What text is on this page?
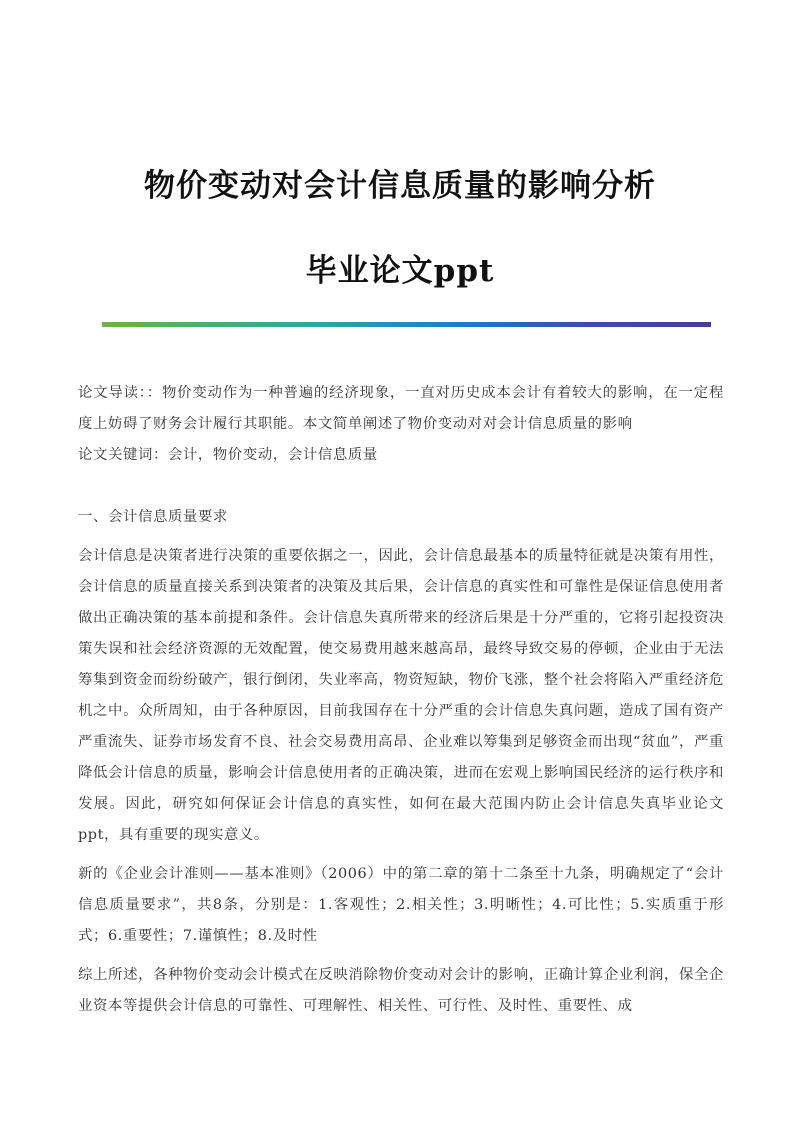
物价变动对会计信息质量的影响分析
毕业论文ppt

论文导读：：物价变动作为一种普遍的经济现象，一直对历史成本会计有着较大的影响，在一定程度上妨碍了财务会计履行其职能。本文简单阐述了物价变动对对会计信息质量的影响

论文关键词：会计，物价变动，会计信息质量

一、会计信息质量要求

会计信息是决策者进行决策的重要依据之一，因此，会计信息最基本的质量特征就是决策有用性，会计信息的质量直接关系到决策者的决策及其后果，会计信息的真实性和可靠性是保证信息使用者做出正确决策的基本前提和条件。会计信息失真所带来的经济后果是十分严重的，它将引起投资决策失误和社会经济资源的无效配置，使交易费用越来越高昂，最终导致交易的停顿，企业由于无法筹集到资金而纷纷破产，银行倒闭，失业率高，物资短缺，物价飞涨，整个社会将陷入严重经济危机之中。众所周知，由于各种原因，目前我国存在十分严重的会计信息失真问题，造成了国有资产严重流失、证券市场发育不良、社会交易费用高昂、企业难以筹集到足够资金而出现“贫血”，严重降低会计信息的质量，影响会计信息使用者的正确决策，进而在宏观上影响国民经济的运行秩序和发展。因此，研究如何保证会计信息的真实性，如何在最大范围内防止会计信息失真毕业论文ppt，具有重要的现实意义。

新的《企业会计准则——基本准则》（2006）中的第二章的第十二条至十九条，明确规定了“会计信息质量要求”，共8条，分别是：1.客观性；2.相关性；3.明晰性；4.可比性；5.实质重于形式；6.重要性；7.谨慎性；8.及时性

综上所述，各种物价变动会计模式在反映消除物价变动对会计的影响，正确计算企业利润，保全企业资本等提供会计信息的可靠性、可理解性、相关性、可行性、及时性、重要性、成
